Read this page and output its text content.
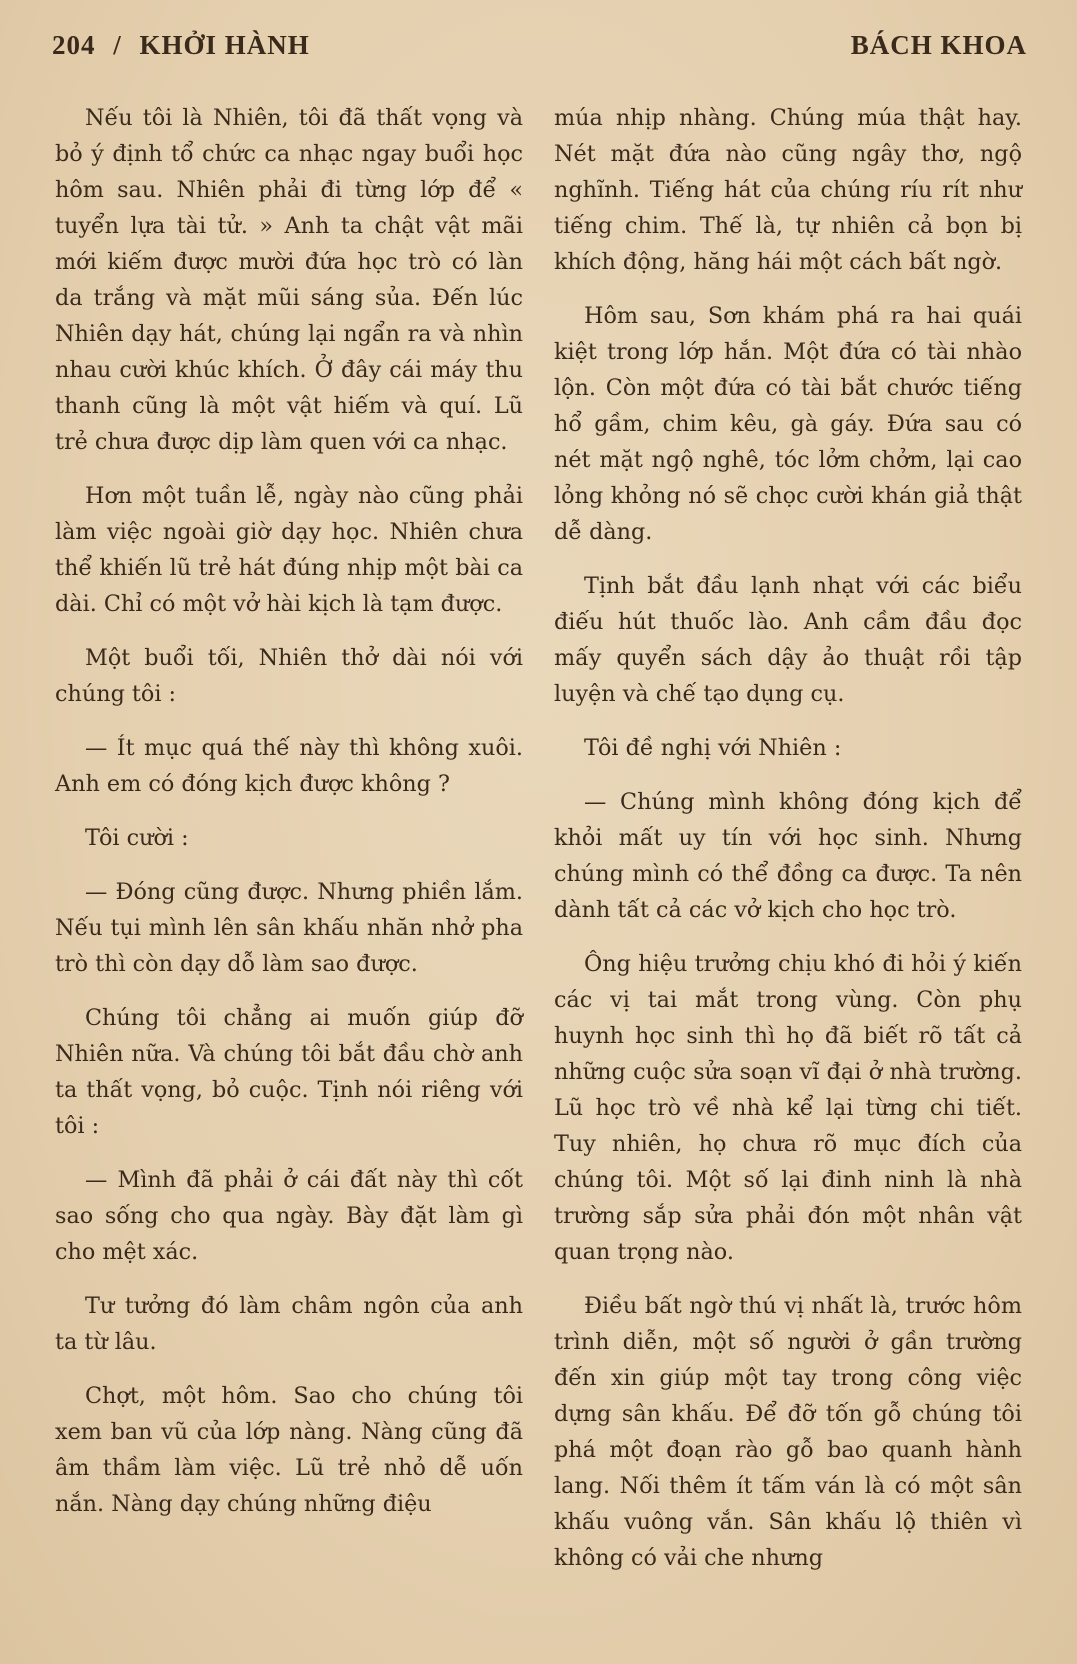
204 / KHỞI HÀNH	BÁCH KHOA

Nếu tôi là Nhiên, tôi đã thất vọng và bỏ ý định tổ chức ca nhạc ngay buổi học hôm sau. Nhiên phải đi từng lớp để « tuyển lựa tài tử. » Anh ta chật vật mãi mới kiếm được mười đứa học trò có làn da trắng và mặt mũi sáng sủa. Đến lúc Nhiên dạy hát, chúng lại ngẩn ra và nhìn nhau cười khúc khích. Ở đây cái máy thu thanh cũng là một vật hiếm và quí. Lũ trẻ chưa được dịp làm quen với ca nhạc.

Hơn một tuần lễ, ngày nào cũng phải làm việc ngoài giờ dạy học. Nhiên chưa thể khiến lũ trẻ hát đúng nhịp một bài ca dài. Chỉ có một vở hài kịch là tạm được.

Một buổi tối, Nhiên thở dài nói với chúng tôi :

— Ít mục quá thế này thì không xuôi. Anh em có đóng kịch được không ?

Tôi cười :

— Đóng cũng được. Nhưng phiền lắm. Nếu tụi mình lên sân khấu nhăn nhở pha trò thì còn dạy dỗ làm sao được.

Chúng tôi chẳng ai muốn giúp đỡ Nhiên nữa. Và chúng tôi bắt đầu chờ anh ta thất vọng, bỏ cuộc. Tịnh nói riêng với tôi :

— Mình đã phải ở cái đất này thì cốt sao sống cho qua ngày. Bày đặt làm gì cho mệt xác.

Tư tưởng đó làm châm ngôn của anh ta từ lâu.

Chợt, một hôm. Sao cho chúng tôi xem ban vũ của lớp nàng. Nàng cũng đã âm thầm làm việc. Lũ trẻ nhỏ dễ uốn nắn. Nàng dạy chúng những điệu

múa nhịp nhàng. Chúng múa thật hay. Nét mặt đứa nào cũng ngây thơ, ngộ nghĩnh. Tiếng hát của chúng ríu rít như tiếng chim. Thế là, tự nhiên cả bọn bị khích động, hăng hái một cách bất ngờ.

Hôm sau, Sơn khám phá ra hai quái kiệt trong lớp hắn. Một đứa có tài nhào lộn. Còn một đứa có tài bắt chước tiếng hổ gầm, chim kêu, gà gáy. Đứa sau có nét mặt ngộ nghê, tóc lởm chởm, lại cao lỏng khỏng nó sẽ chọc cười khán giả thật dễ dàng.

Tịnh bắt đầu lạnh nhạt với các biểu điếu hút thuốc lào. Anh cầm đầu đọc mấy quyển sách dậy ảo thuật rồi tập luyện và chế tạo dụng cụ.

Tôi đề nghị với Nhiên :

— Chúng mình không đóng kịch để khỏi mất uy tín với học sinh. Nhưng chúng mình có thể đồng ca được. Ta nên dành tất cả các vở kịch cho học trò.

Ông hiệu trưởng chịu khó đi hỏi ý kiến các vị tai mắt trong vùng. Còn phụ huynh học sinh thì họ đã biết rõ tất cả những cuộc sửa soạn vĩ đại ở nhà trường. Lũ học trò về nhà kể lại từng chi tiết. Tuy nhiên, họ chưa rõ mục đích của chúng tôi. Một số lại đinh ninh là nhà trường sắp sửa phải đón một nhân vật quan trọng nào.

Điều bất ngờ thú vị nhất là, trước hôm trình diễn, một số người ở gần trường đến xin giúp một tay trong công việc dựng sân khấu. Để đỡ tốn gỗ chúng tôi phá một đoạn rào gỗ bao quanh hành lang. Nối thêm ít tấm ván là có một sân khấu vuông vắn. Sân khấu lộ thiên vì không có vải che nhưng
